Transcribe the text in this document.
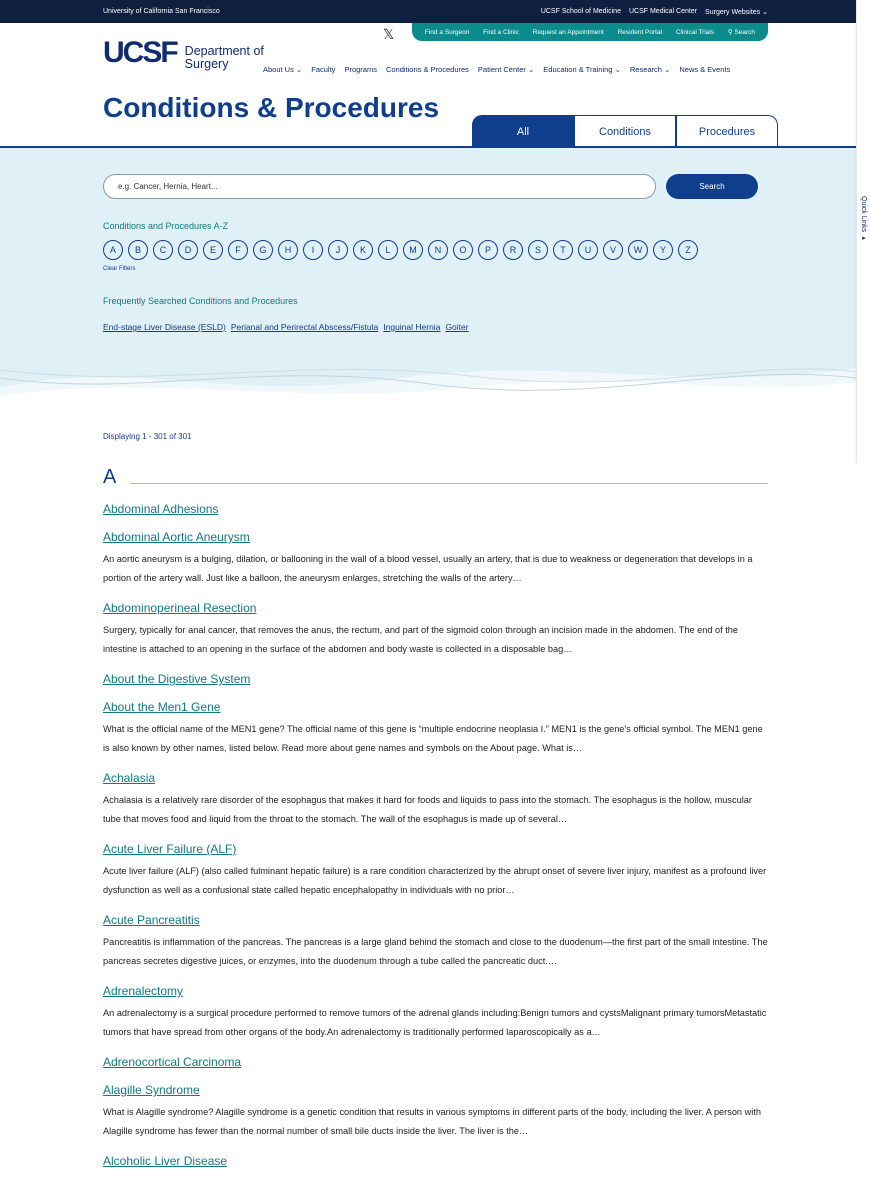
University of California San Francisco	UCSF School of Medicine UCSF Medical Center Surgery Websites ⌄
𝕏	Find a Surgeon Find a Clinic Request an Appointment Resident Portal Clinical Trials ⚲ Search
UCSF Department of
Surgery	About Us ⌄ Faculty Programs Conditions & Procedures Patient Center ⌄ Education & Training ⌄ Research ⌄ News & Events
Conditions & Procedures
All	Conditions	Procedures
e.g. Cancer, Hernia, Heart...
Search
Conditions and Procedures A-Z
A	B	C	D	E	F	G	H	I	J	K	L	M	N	O	P	R	S	T	U	V	W	Y	Z
Clear Filters
Frequently Searched Conditions and Procedures
End-stage Liver Disease (ESLD) Perianal and Perirectal Abscess/Fistula Inguinal Hernia Goiter
Displaying 1 - 301 of 301
A
Abdominal Adhesions
Abdominal Aortic Aneurysm

An aortic aneurysm is a bulging, dilation, or ballooning in the wall of a blood vessel, usually an artery, that is due to weakness or degeneration that develops in a portion of the artery wall. Just like a balloon, the aneurysm enlarges, stretching the walls of the artery…

Abdominoperineal Resection

Surgery, typically for anal cancer, that removes the anus, the rectum, and part of the sigmoid colon through an incision made in the abdomen. The end of the intestine is attached to an opening in the surface of the abdomen and body waste is collected in a disposable bag…

About the Digestive System
About the Men1 Gene

What is the official name of the MEN1 gene? The official name of this gene is “multiple endocrine neoplasia I.” MEN1 is the gene's official symbol. The MEN1 gene is also known by other names, listed below. Read more about gene names and symbols on the About page. What is…

Achalasia

Achalasia is a relatively rare disorder of the esophagus that makes it hard for foods and liquids to pass into the stomach. The esophagus is the hollow, muscular tube that moves food and liquid from the throat to the stomach. The wall of the esophagus is made up of several…

Acute Liver Failure (ALF)

Acute liver failure (ALF) (also called fulminant hepatic failure) is a rare condition characterized by the abrupt onset of severe liver injury, manifest as a profound liver dysfunction as well as a confusional state called hepatic encephalopathy in individuals with no prior…

Acute Pancreatitis

Pancreatitis is inflammation of the pancreas. The pancreas is a large gland behind the stomach and close to the duodenum—the first part of the small intestine. The pancreas secretes digestive juices, or enzymes, into the duodenum through a tube called the pancreatic duct.…

Adrenalectomy

An adrenalectomy is a surgical procedure performed to remove tumors of the adrenal glands including:Benign tumors and cystsMalignant primary tumorsMetastatic tumors that have spread from other organs of the body.An adrenalectomy is traditionally performed laparoscopically as a…

Adrenocortical Carcinoma
Alagille Syndrome

What is Alagille syndrome? Alagille syndrome is a genetic condition that results in various symptoms in different parts of the body, including the liver. A person with Alagille syndrome has fewer than the normal number of small bile ducts inside the liver. The liver is the…

Alcoholic Liver Disease
Quick Links ▸
